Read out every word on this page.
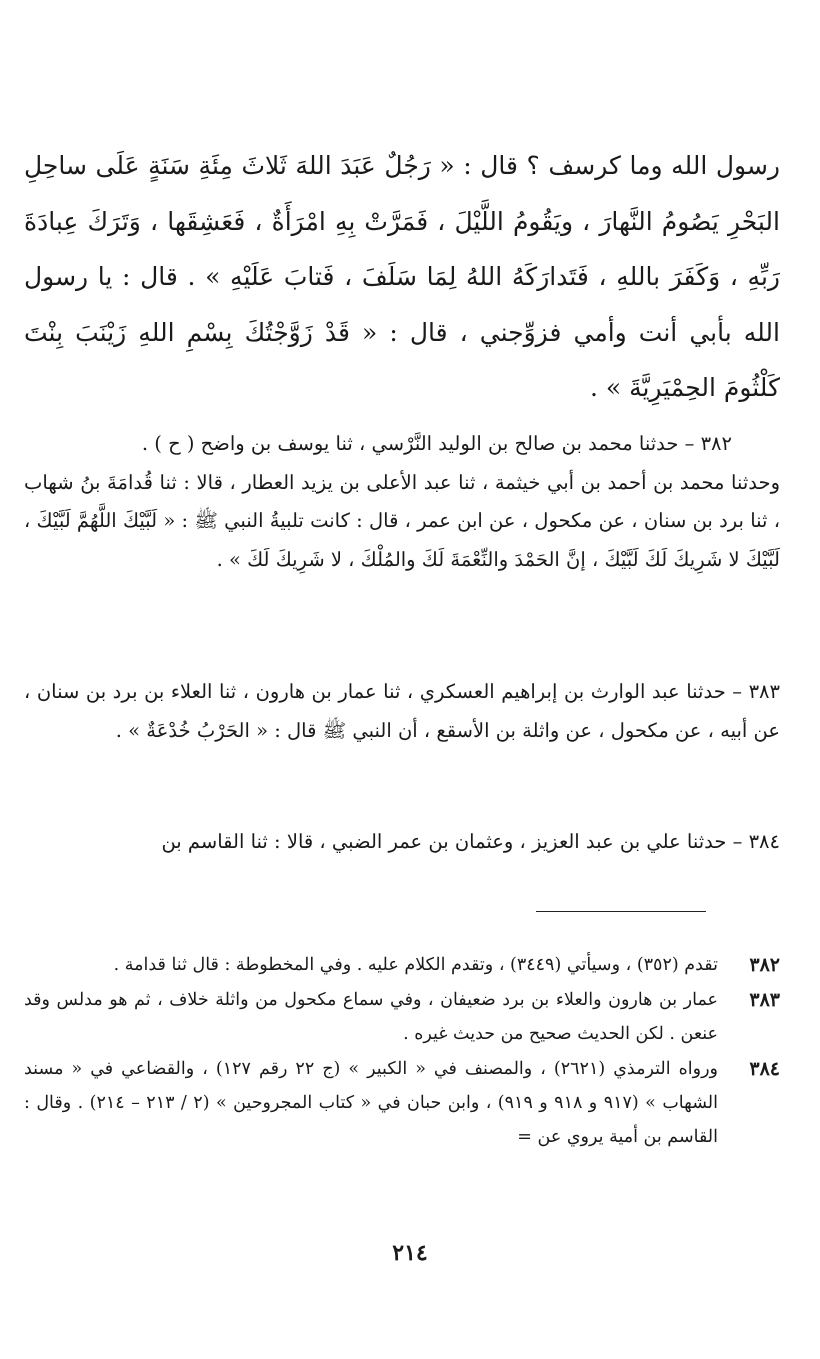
رسول الله وما كرسف ؟ قال : « رَجُلٌ عَبَدَ اللهَ ثَلاثَ مِئَةِ سَنَةٍ عَلَى ساحِلِ البَحْرِ يَصُومُ النَّهارَ ، ويَقُومُ اللَّيْلَ ، فَمَرَّتْ بِهِ امْرَأَةٌ ، فَعَشِقَها ، وَتَرَكَ عِبادَةَ رَبِّهِ ، وَكَفَرَ باللهِ ، فَتَدارَكَهُ اللهُ لِمَا سَلَفَ ، فَتابَ عَلَيْهِ » . قال : يا رسول الله بأبي أنت وأمي فزوِّجني ، قال : « قَدْ زَوَّجْتُكَ بِسْمِ اللهِ زَيْنَبَ بِنْتَ كَلْثُومَ الحِمْيَرِيَّةَ » .
٣٨٢ – حدثنا محمد بن صالح بن الوليد النَّرْسي ، ثنا يوسف بن واضح ( ح ) .
وحدثنا محمد بن أحمد بن أبي خيثمة ، ثنا عبد الأعلى بن يزيد العطار ، قالا : ثنا قُدامَةَ بنُ شهاب ، ثنا برد بن سنان ، عن مكحول ، عن ابن عمر ، قال : كانت تلبيةُ النبي ﷺ : « لَبَّيْكَ اللَّهُمَّ لَبَّيْكَ ، لَبَّيْكَ لا شَرِيكَ لَكَ لَبَّيْكَ ، إنَّ الحَمْدَ والنِّعْمَةَ لَكَ والمُلْكَ ، لا شَرِيكَ لَكَ » .
٣٨٣ – حدثنا عبد الوارث بن إبراهيم العسكري ، ثنا عمار بن هارون ، ثنا العلاء بن برد بن سنان ، عن أبيه ، عن مكحول ، عن واثلة بن الأسقع ، أن النبي ﷺ قال : « الحَرْبُ خُدْعَةٌ » .
٣٨٤ – حدثنا علي بن عبد العزيز ، وعثمان بن عمر الضبي ، قالا : ثنا القاسم بن
٣٨٢
تقدم (٣٥٢) ، وسيأتي (٣٤٤٩) ، وتقدم الكلام عليه . وفي المخطوطة : قال ثنا قدامة .
٣٨٣
عمار بن هارون والعلاء بن برد ضعيفان ، وفي سماع مكحول من واثلة خلاف ، ثم هو مدلس وقد عنعن . لكن الحديث صحيح من حديث غيره .
٣٨٤
ورواه الترمذي (٢٦٢١) ، والمصنف في « الكبير » (ج ٢٢ رقم ١٢٧) ، والقضاعي في « مسند الشهاب » (٩١٧ و ٩١٨ و ٩١٩) ، وابن حبان في « كتاب المجروحين » (٢ / ٢١٣ – ٢١٤) . وقال : القاسم بن أمية يروي عن =
٢١٤
